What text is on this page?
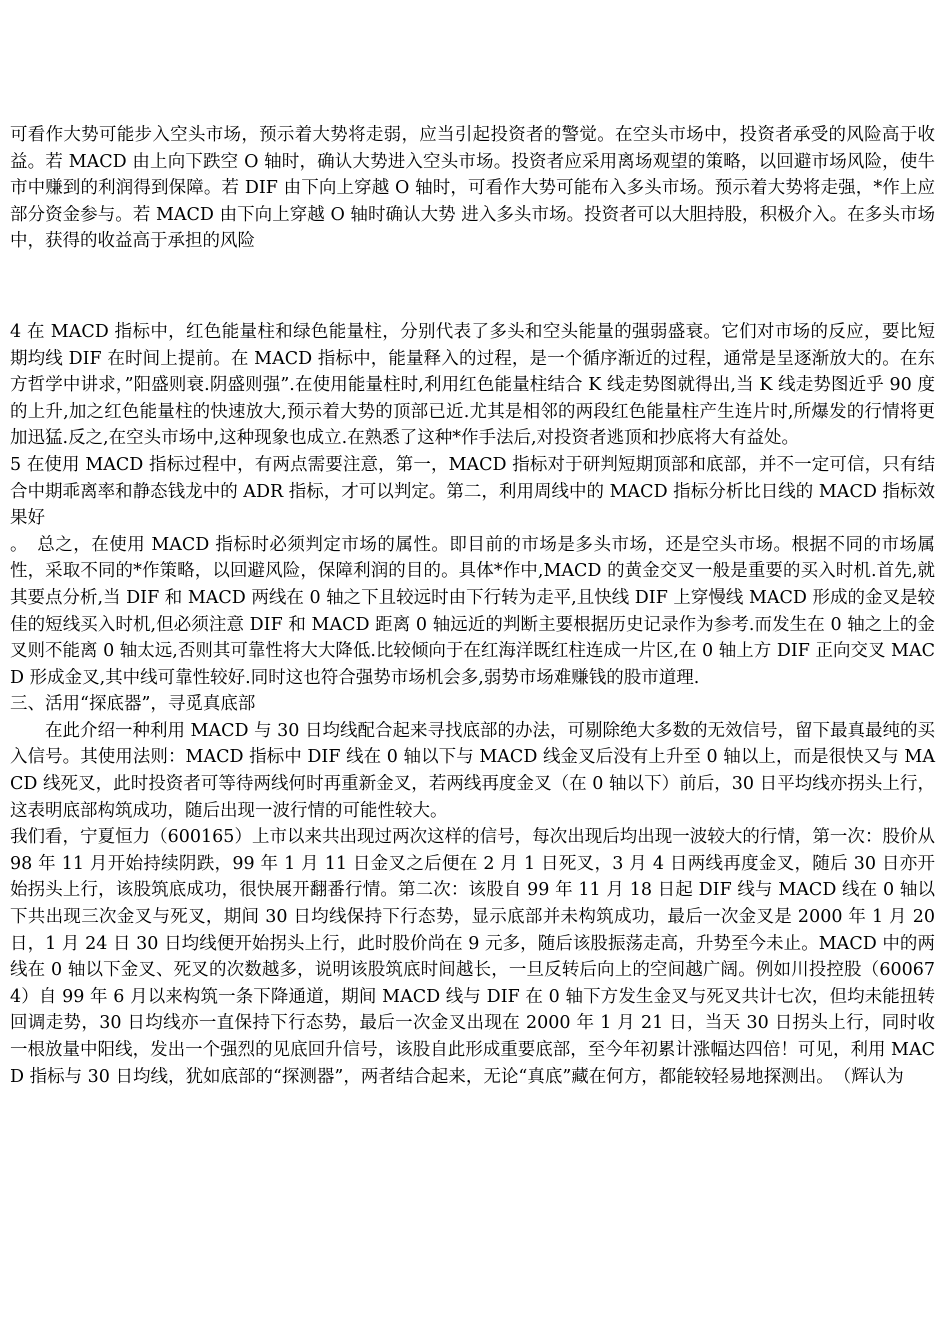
可看作大势可能步入空头市场，预示着大势将走弱，应当引起投资者的警觉。在空头市场中，投资者承受的风险高于收益。若 MACD 由上向下跌空 O 轴时，确认大势进入空头市场。投资者应采用离场观望的策略，以回避市场风险，使牛市中赚到的利润得到保障。若 DIF 由下向上穿越 O 轴时，可看作大势可能布入多头市场。预示着大势将走强，*作上应部分资金参与。若 MACD 由下向上穿越 O 轴时确认大势 进入多头市场。投资者可以大胆持股，积极介入。在多头市场中，获得的收益高于承担的风险

4 在 MACD 指标中，红色能量柱和绿色能量柱，分别代表了多头和空头能量的强弱盛衰。它们对市场的反应，要比短期均线 DIF 在时间上提前。在 MACD 指标中，能量释入的过程，是一个循序渐近的过程，通常是呈逐渐放大的。在东方哲学中讲求，”阳盛则衰.阴盛则强”.在使用能量柱时,利用红色能量柱结合 K 线走势图就得出,当 K 线走势图近乎 90 度的上升,加之红色能量柱的快速放大,预示着大势的顶部已近.尤其是相邻的两段红色能量柱产生连片时,所爆发的行情将更加迅猛.反之,在空头市场中,这种现象也成立.在熟悉了这种*作手法后,对投资者逃顶和抄底将大有益处。

5 在使用 MACD 指标过程中，有两点需要注意，第一，MACD 指标对于研判短期顶部和底部，并不一定可信，只有结合中期乖离率和静态钱龙中的 ADR 指标，才可以判定。第二，利用周线中的 MACD 指标分析比日线的 MACD 指标效果好

。　总之，在使用 MACD 指标时必须判定市场的属性。即目前的市场是多头市场，还是空头市场。根据不同的市场属性，采取不同的*作策略，以回避风险，保障利润的目的。具体*作中,MACD 的黄金交叉一般是重要的买入时机.首先,就其要点分析,当 DIF 和 MACD 两线在 0 轴之下且较远时由下行转为走平,且快线 DIF 上穿慢线 MACD 形成的金叉是较佳的短线买入时机,但必须注意 DIF 和 MACD 距离 0 轴远近的判断主要根据历史记录作为参考.而发生在 0 轴之上的金叉则不能离 0 轴太远,否则其可靠性将大大降低.比较倾向于在红海洋既红柱连成一片区,在 0 轴上方 DIF 正向交叉 MACD 形成金叉,其中线可靠性较好.同时这也符合强势市场机会多,弱势市场难赚钱的股市道理.

三、活用“探底器”，寻觅真底部

在此介绍一种利用 MACD 与 30 日均线配合起来寻找底部的办法，可剔除绝大多数的无效信号，留下最真最纯的买入信号。其使用法则：MACD 指标中 DIF 线在 0 轴以下与 MACD 线金叉后没有上升至 0 轴以上，而是很快又与 MACD 线死叉，此时投资者可等待两线何时再重新金叉，若两线再度金叉（在 0 轴以下）前后，30 日平均线亦拐头上行，这表明底部构筑成功，随后出现一波行情的可能性较大。

我们看，宁夏恒力（600165）上市以来共出现过两次这样的信号，每次出现后均出现一波较大的行情，第一次：股价从 98 年 11 月开始持续阴跌，99 年 1 月 11 日金叉之后便在 2 月 1 日死叉，3 月 4 日两线再度金叉，随后 30 日亦开始拐头上行，该股筑底成功，很快展开翻番行情。第二次：该股自 99 年 11 月 18 日起 DIF 线与 MACD 线在 0 轴以下共出现三次金叉与死叉，期间 30 日均线保持下行态势，显示底部并未构筑成功，最后一次金叉是 2000 年 1 月 20 日，1 月 24 日 30 日均线便开始拐头上行，此时股价尚在 9 元多，随后该股振荡走高，升势至今未止。MACD 中的两线在 0 轴以下金叉、死叉的次数越多，说明该股筑底时间越长，一旦反转后向上的空间越广阔。例如川投控股（600674）自 99 年 6 月以来构筑一条下降通道，期间 MACD 线与 DIF 在 0 轴下方发生金叉与死叉共计七次，但均未能扭转回调走势，30 日均线亦一直保持下行态势，最后一次金叉出现在 2000 年 1 月 21 日，当天 30 日拐头上行，同时收一根放量中阳线，发出一个强烈的见底回升信号，该股自此形成重要底部，至今年初累计涨幅达四倍！可见，利用 MACD 指标与 30 日均线，犹如底部的“探测器”，两者结合起来，无论“真底”藏在何方，都能较轻易地探测出。　（辉认为
